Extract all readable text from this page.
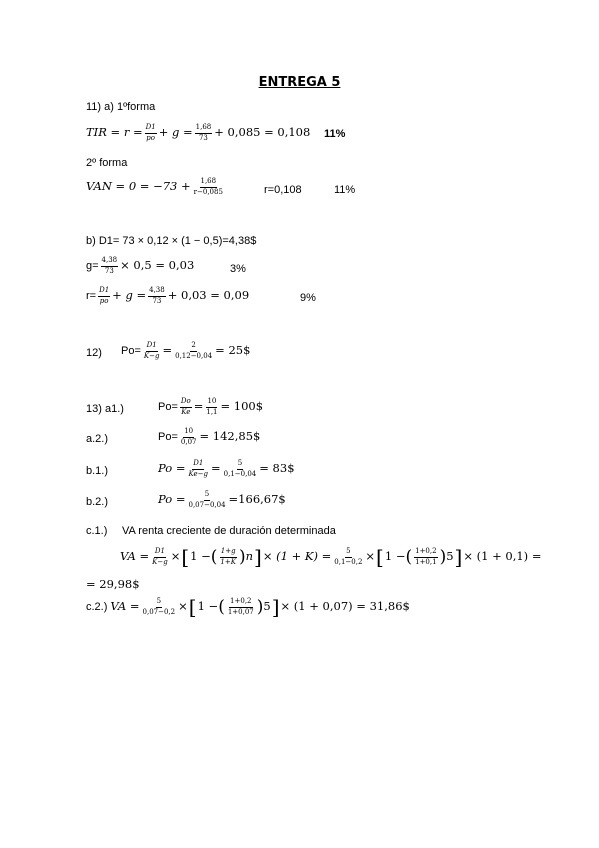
ENTREGA 5
11) a) 1ºforma
TIR = $r = \frac{D1}{po} + g = \frac{1,68}{73} + 0,085 = 0,108$ 11%
2º forma
VAN = $0 = -73 + \frac{1,68}{r-0,085}$	r=0,108	11%
b) D1= 73 × 0,12 × (1 − 0,5)=4,38$
$g= \frac{4,38}{73} \times 0,5 = 0,03$	3%
$r= \frac{D1}{po} + g = \frac{4,38}{73} + 0,03 = 0,09$	9%
12) $Po= \frac{D1}{K-g} = \frac{2}{0,12-0,04}$ = 25$
13) a1.)	$Po= \frac{Do}{Ke} = \frac{10}{1,1}$ = 100$
a.2.)	$Po= \frac{10}{0,07}$ = 142,85$
b.1.)	$Po = \frac{D1}{Ke-g} = \frac{5}{0,1-0,04}$ = 83$
b.2.)	$Po = \frac{5}{0,07-0,04}$ =166,67$
c.1.) VA renta creciente de duración determinada
VA = $\frac{D1}{K-g}$ × [ 1 − ( $\frac{1+g}{1+K}$ ) n ] × $(1 + K) = \frac{5}{0,1-0,2}$ × [ 1 − ( $\frac{1+0,2}{1+0,1}$ ) 5 ] × (1 + 0,1) =
= 29,98$
c.2.) VA = $\frac{5}{0,07-0,2}$ × [ 1 − ( $\frac{1+0,2}{1+0,07}$ ) 5 ] × (1 + 0,07) = 31,86$
